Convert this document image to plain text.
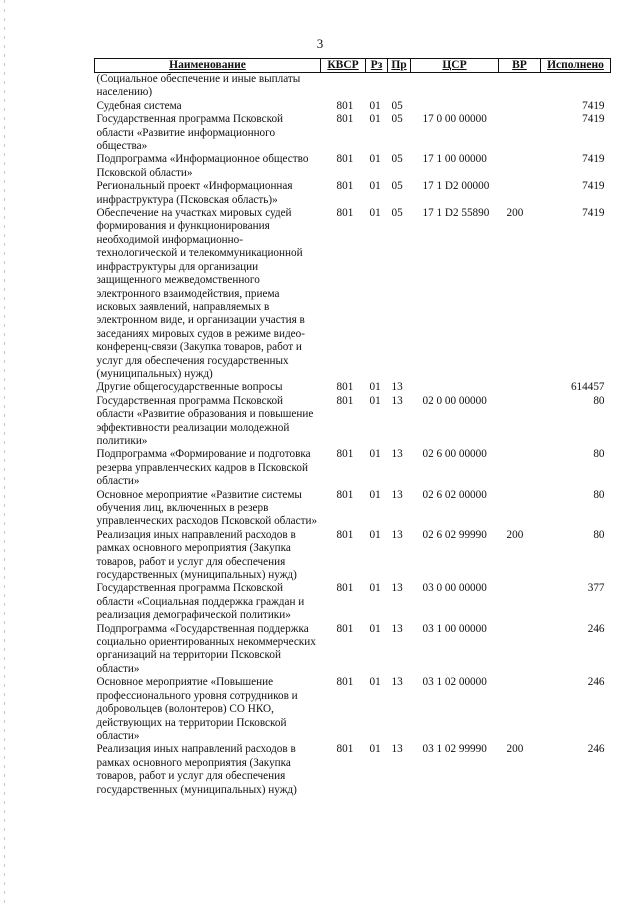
3
Наименование	КВСР	Рз	Пр	ЦСР	ВР	Исполнено
(Социальное обеспечение и иные выплаты населению)						
Судебная система	801	01	05			7419
Государственная программа Псковской области «Развитие информационного общества»	801	01	05	17 0 00 00000		7419
Подпрограмма «Информационное общество Псковской области»	801	01	05	17 1 00 00000		7419
Региональный проект «Информационная инфраструктура (Псковская область)»	801	01	05	17 1 D2 00000		7419
Обеспечение на участках мировых судей формирования и функционирования необходимой информационно-технологической и телекоммуникационной инфраструктуры для организации защищенного межведомственного электронного взаимодействия, приема исковых заявлений, направляемых в электронном виде, и организации участия в заседаниях мировых судов в режиме видео-конференц-связи (Закупка товаров, работ и услуг для обеспечения государственных (муниципальных) нужд)	801	01	05	17 1 D2 55890	200	7419
Другие общегосударственные вопросы	801	01	13			614457
Государственная программа Псковской области «Развитие образования и повышение эффективности реализации молодежной политики»	801	01	13	02 0 00 00000		80
Подпрограмма «Формирование и подготовка резерва управленческих кадров в Псковской области»	801	01	13	02 6 00 00000		80
Основное мероприятие «Развитие системы обучения лиц, включенных в резерв управленческих расходов Псковской области»	801	01	13	02 6 02 00000		80
Реализация иных направлений расходов в рамках основного мероприятия (Закупка товаров, работ и услуг для обеспечения государственных (муниципальных) нужд)	801	01	13	02 6 02 99990	200	80
Государственная программа Псковской области «Социальная поддержка граждан и реализация демографической политики»	801	01	13	03 0 00 00000		377
Подпрограмма «Государственная поддержка социально ориентированных некоммерческих организаций на территории Псковской области»	801	01	13	03 1 00 00000		246
Основное мероприятие «Повышение профессионального уровня сотрудников и добровольцев (волонтеров) СО НКО, действующих на территории Псковской области»	801	01	13	03 1 02 00000		246
Реализация иных направлений расходов в рамках основного мероприятия (Закупка товаров, работ и услуг для обеспечения государственных (муниципальных) нужд)	801	01	13	03 1 02 99990	200	246
